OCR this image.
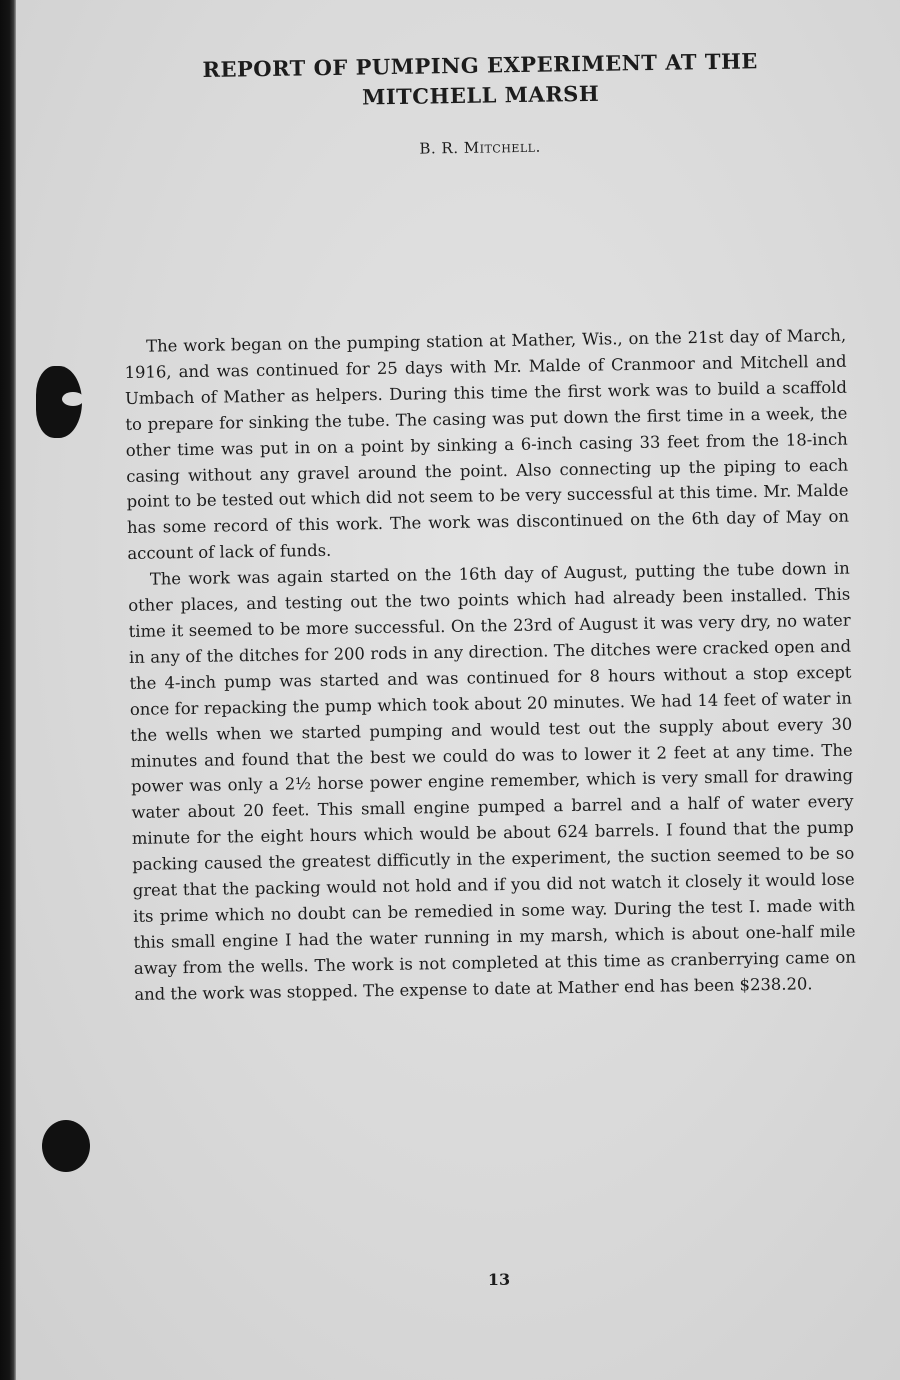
REPORT OF PUMPING EXPERIMENT AT THE
MITCHELL MARSH
B. R. Mitchell.

The work began on the pumping station at Mather, Wis., on the 21st day of March, 1916, and was continued for 25 days with Mr. Malde of Cranmoor and Mitchell and Umbach of Mather as helpers. During this time the first work was to build a scaffold to prepare for sinking the tube. The casing was put down the first time in a week, the other time was put in on a point by sinking a 6-inch casing 33 feet from the 18-inch casing without any gravel around the point. Also connecting up the piping to each point to be tested out which did not seem to be very successful at this time. Mr. Malde has some record of this work. The work was discontinued on the 6th day of May on account of lack of funds.

The work was again started on the 16th day of August, putting the tube down in other places, and testing out the two points which had already been installed. This time it seemed to be more successful. On the 23rd of August it was very dry, no water in any of the ditches for 200 rods in any direction. The ditches were cracked open and the 4-inch pump was started and was continued for 8 hours without a stop except once for repacking the pump which took about 20 minutes. We had 14 feet of water in the wells when we started pumping and would test out the supply about every 30 minutes and found that the best we could do was to lower it 2 feet at any time. The power was only a 2½ horse power engine remember, which is very small for drawing water about 20 feet. This small engine pumped a barrel and a half of water every minute for the eight hours which would be about 624 barrels. I found that the pump packing caused the greatest difficutly in the experiment, the suction seemed to be so great that the packing would not hold and if you did not watch it closely it would lose its prime which no doubt can be remedied in some way. During the test I. made with this small engine I had the water running in my marsh, which is about one-half mile away from the wells. The work is not completed at this time as cranberrying came on and the work was stopped. The expense to date at Mather end has been $238.20.

13
